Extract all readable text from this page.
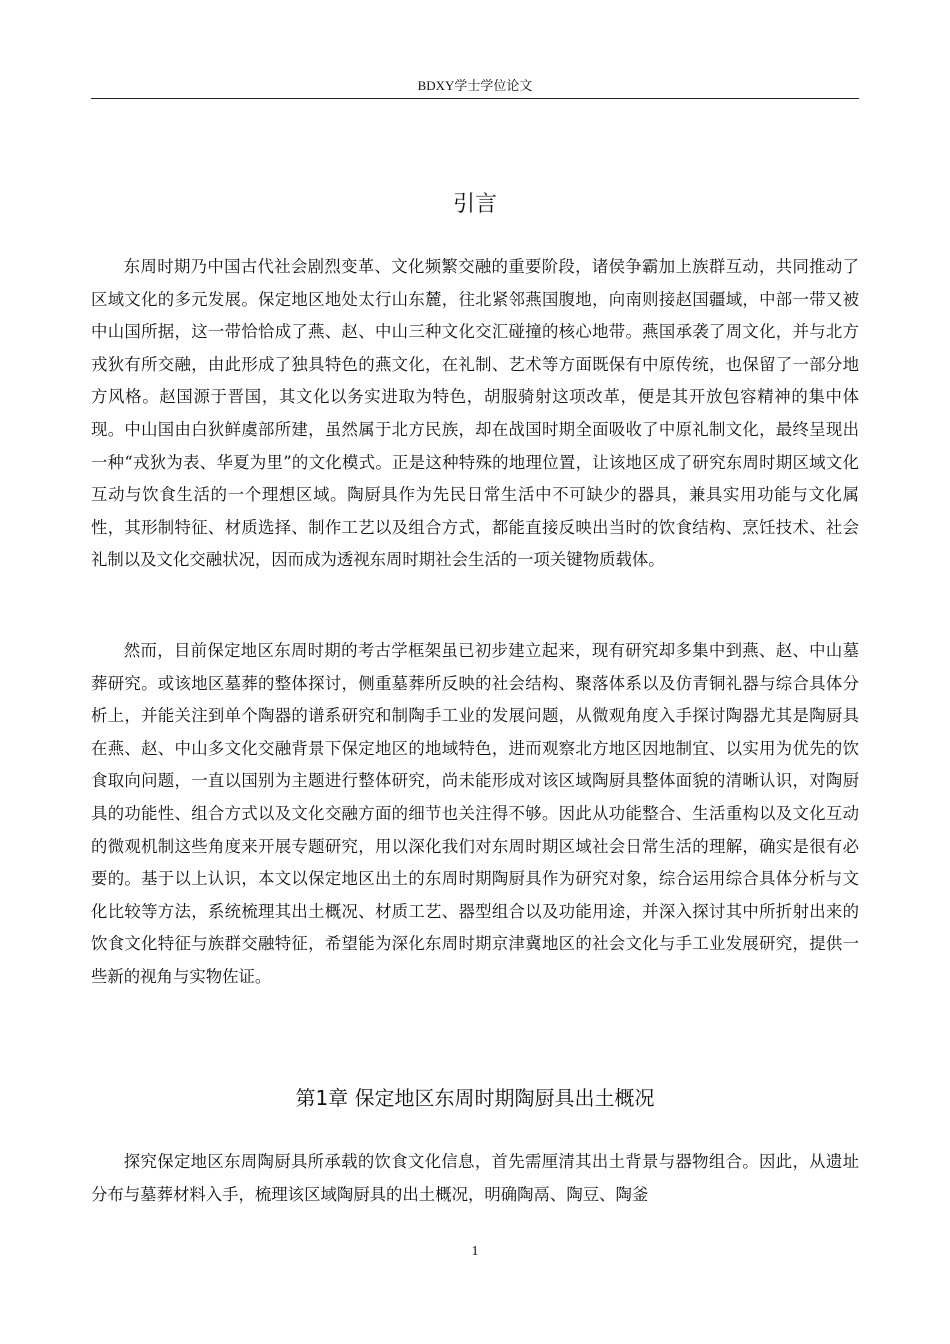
BDXY学士学位论文
引言

东周时期乃中国古代社会剧烈变革、文化频繁交融的重要阶段，诸侯争霸加上族群互动，共同推动了区域文化的多元发展。保定地区地处太行山东麓，往北紧邻燕国腹地，向南则接赵国疆域，中部一带又被中山国所据，这一带恰恰成了燕、赵、中山三种文化交汇碰撞的核心地带。燕国承袭了周文化，并与北方戎狄有所交融，由此形成了独具特色的燕文化，在礼制、艺术等方面既保有中原传统，也保留了一部分地方风格。赵国源于晋国，其文化以务实进取为特色，胡服骑射这项改革，便是其开放包容精神的集中体现。中山国由白狄鲜虞部所建，虽然属于北方民族，却在战国时期全面吸收了中原礼制文化，最终呈现出一种“戎狄为表、华夏为里”的文化模式。正是这种特殊的地理位置，让该地区成了研究东周时期区域文化互动与饮食生活的一个理想区域。陶厨具作为先民日常生活中不可缺少的器具，兼具实用功能与文化属性，其形制特征、材质选择、制作工艺以及组合方式，都能直接反映出当时的饮食结构、烹饪技术、社会礼制以及文化交融状况，因而成为透视东周时期社会生活的一项关键物质载体。

然而，目前保定地区东周时期的考古学框架虽已初步建立起来，现有研究却多集中到燕、赵、中山墓葬研究。或该地区墓葬的整体探讨，侧重墓葬所反映的社会结构、聚落体系以及仿青铜礼器与综合具体分析上，并能关注到单个陶器的谱系研究和制陶手工业的发展问题，从微观角度入手探讨陶器尤其是陶厨具在燕、赵、中山多文化交融背景下保定地区的地域特色，进而观察北方地区因地制宜、以实用为优先的饮食取向问题，一直以国别为主题进行整体研究，尚未能形成对该区域陶厨具整体面貌的清晰认识，对陶厨具的功能性、组合方式以及文化交融方面的细节也关注得不够。因此从功能整合、生活重构以及文化互动的微观机制这些角度来开展专题研究，用以深化我们对东周时期区域社会日常生活的理解，确实是很有必要的。基于以上认识，本文以保定地区出土的东周时期陶厨具作为研究对象，综合运用综合具体分析与文化比较等方法，系统梳理其出土概况、材质工艺、器型组合以及功能用途，并深入探讨其中所折射出来的饮食文化特征与族群交融特征，希望能为深化东周时期京津冀地区的社会文化与手工业发展研究，提供一些新的视角与实物佐证。

第1章 保定地区东周时期陶厨具出土概况

探究保定地区东周陶厨具所承载的饮食文化信息，首先需厘清其出土背景与器物组合。因此，从遗址分布与墓葬材料入手，梳理该区域陶厨具的出土概况，明确陶鬲、陶豆、陶釜

1
